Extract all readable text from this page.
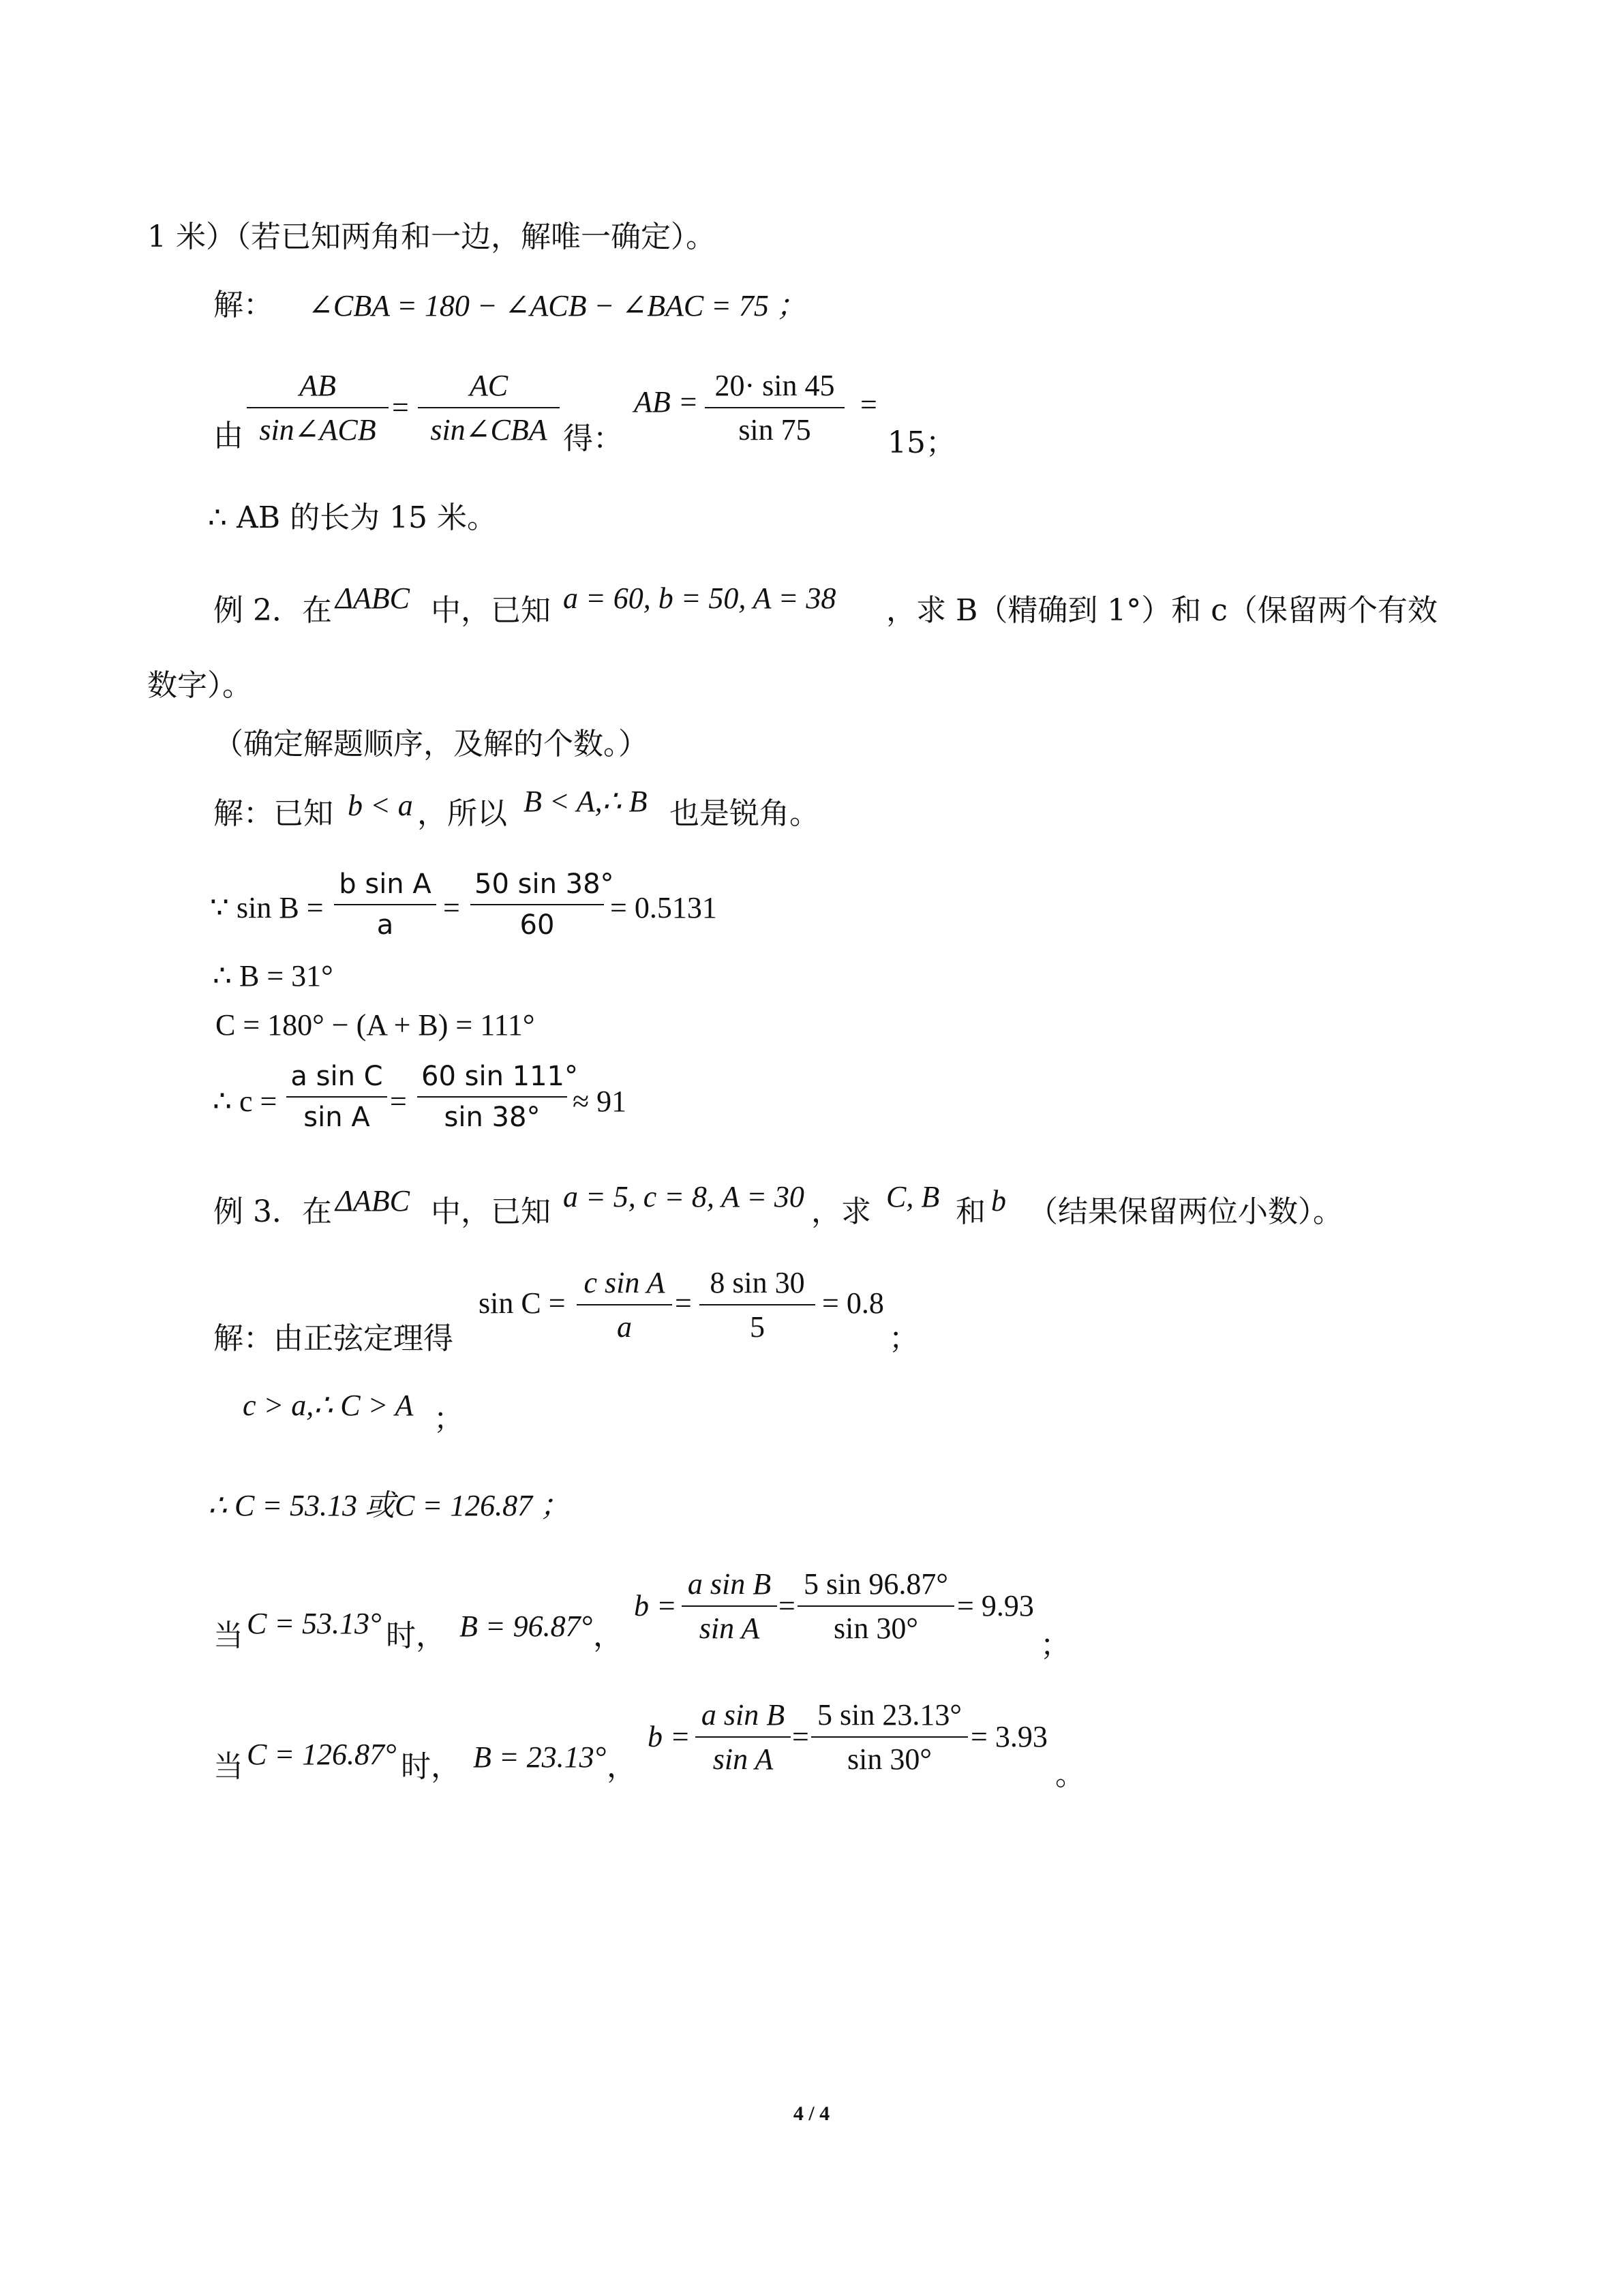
1 米）（若已知两角和一边，解唯一确定）。
解： ∠CBA = 180 − ∠ACB − ∠BAC = 75 ；
由
AB
sin∠ACB
=
AC
sin∠CBA 得：
AB = $\frac{20\cdot \sin 45}{\sin 75}$ =
15；
∴ AB 的长为 15 米。
例 2．在 ΔABC 中，已知 a = 60, b = 50, A = 38 ，求 B（精确到 1°）和 c（保留两个有效
数字）。
（确定解题顺序，及解的个数。）
解：已知 b < a ，所以 B < A,∴ B 也是锐角。
∵ $\sin B = \frac{\text{b sin A}}{a} = \frac{50 \sin 38^\circ}{60} = 0.5131$
∴ B = 31°
C = 180° − (A + B) = 111°
∴ $c = \frac{\text{a sin C}}{\text{sin A}} = \frac{60 \sin 111^\circ}{\sin 38^\circ} \approx 91$
例 3．在 ΔABC 中，已知 a = 5, c = 8, A = 30 ，求 C, B 和 b （结果保留两位小数）。
解：由正弦定理得
$\sin C = \frac{\text{c sin A}}{a} = \frac{8 \sin 30}{5} = 0.8$
；
c > a,∴ C > A ；
∴ C = 53.13 或C = 126.87 ；
当 C = 53.13° 时， B = 96.87° ，
$b = \frac{\text{a sin B}}{\text{sin A}} = \frac{5 \sin 96.87^\circ}{\sin 30^\circ} = 9.93$
；
当 C = 126.87° 时， B = 23.13° ，
$b = \frac{\text{a sin B}}{\text{sin A}} = \frac{5 \sin 23.13^\circ}{\sin 30^\circ} = 3.93$
。
4 / 4
